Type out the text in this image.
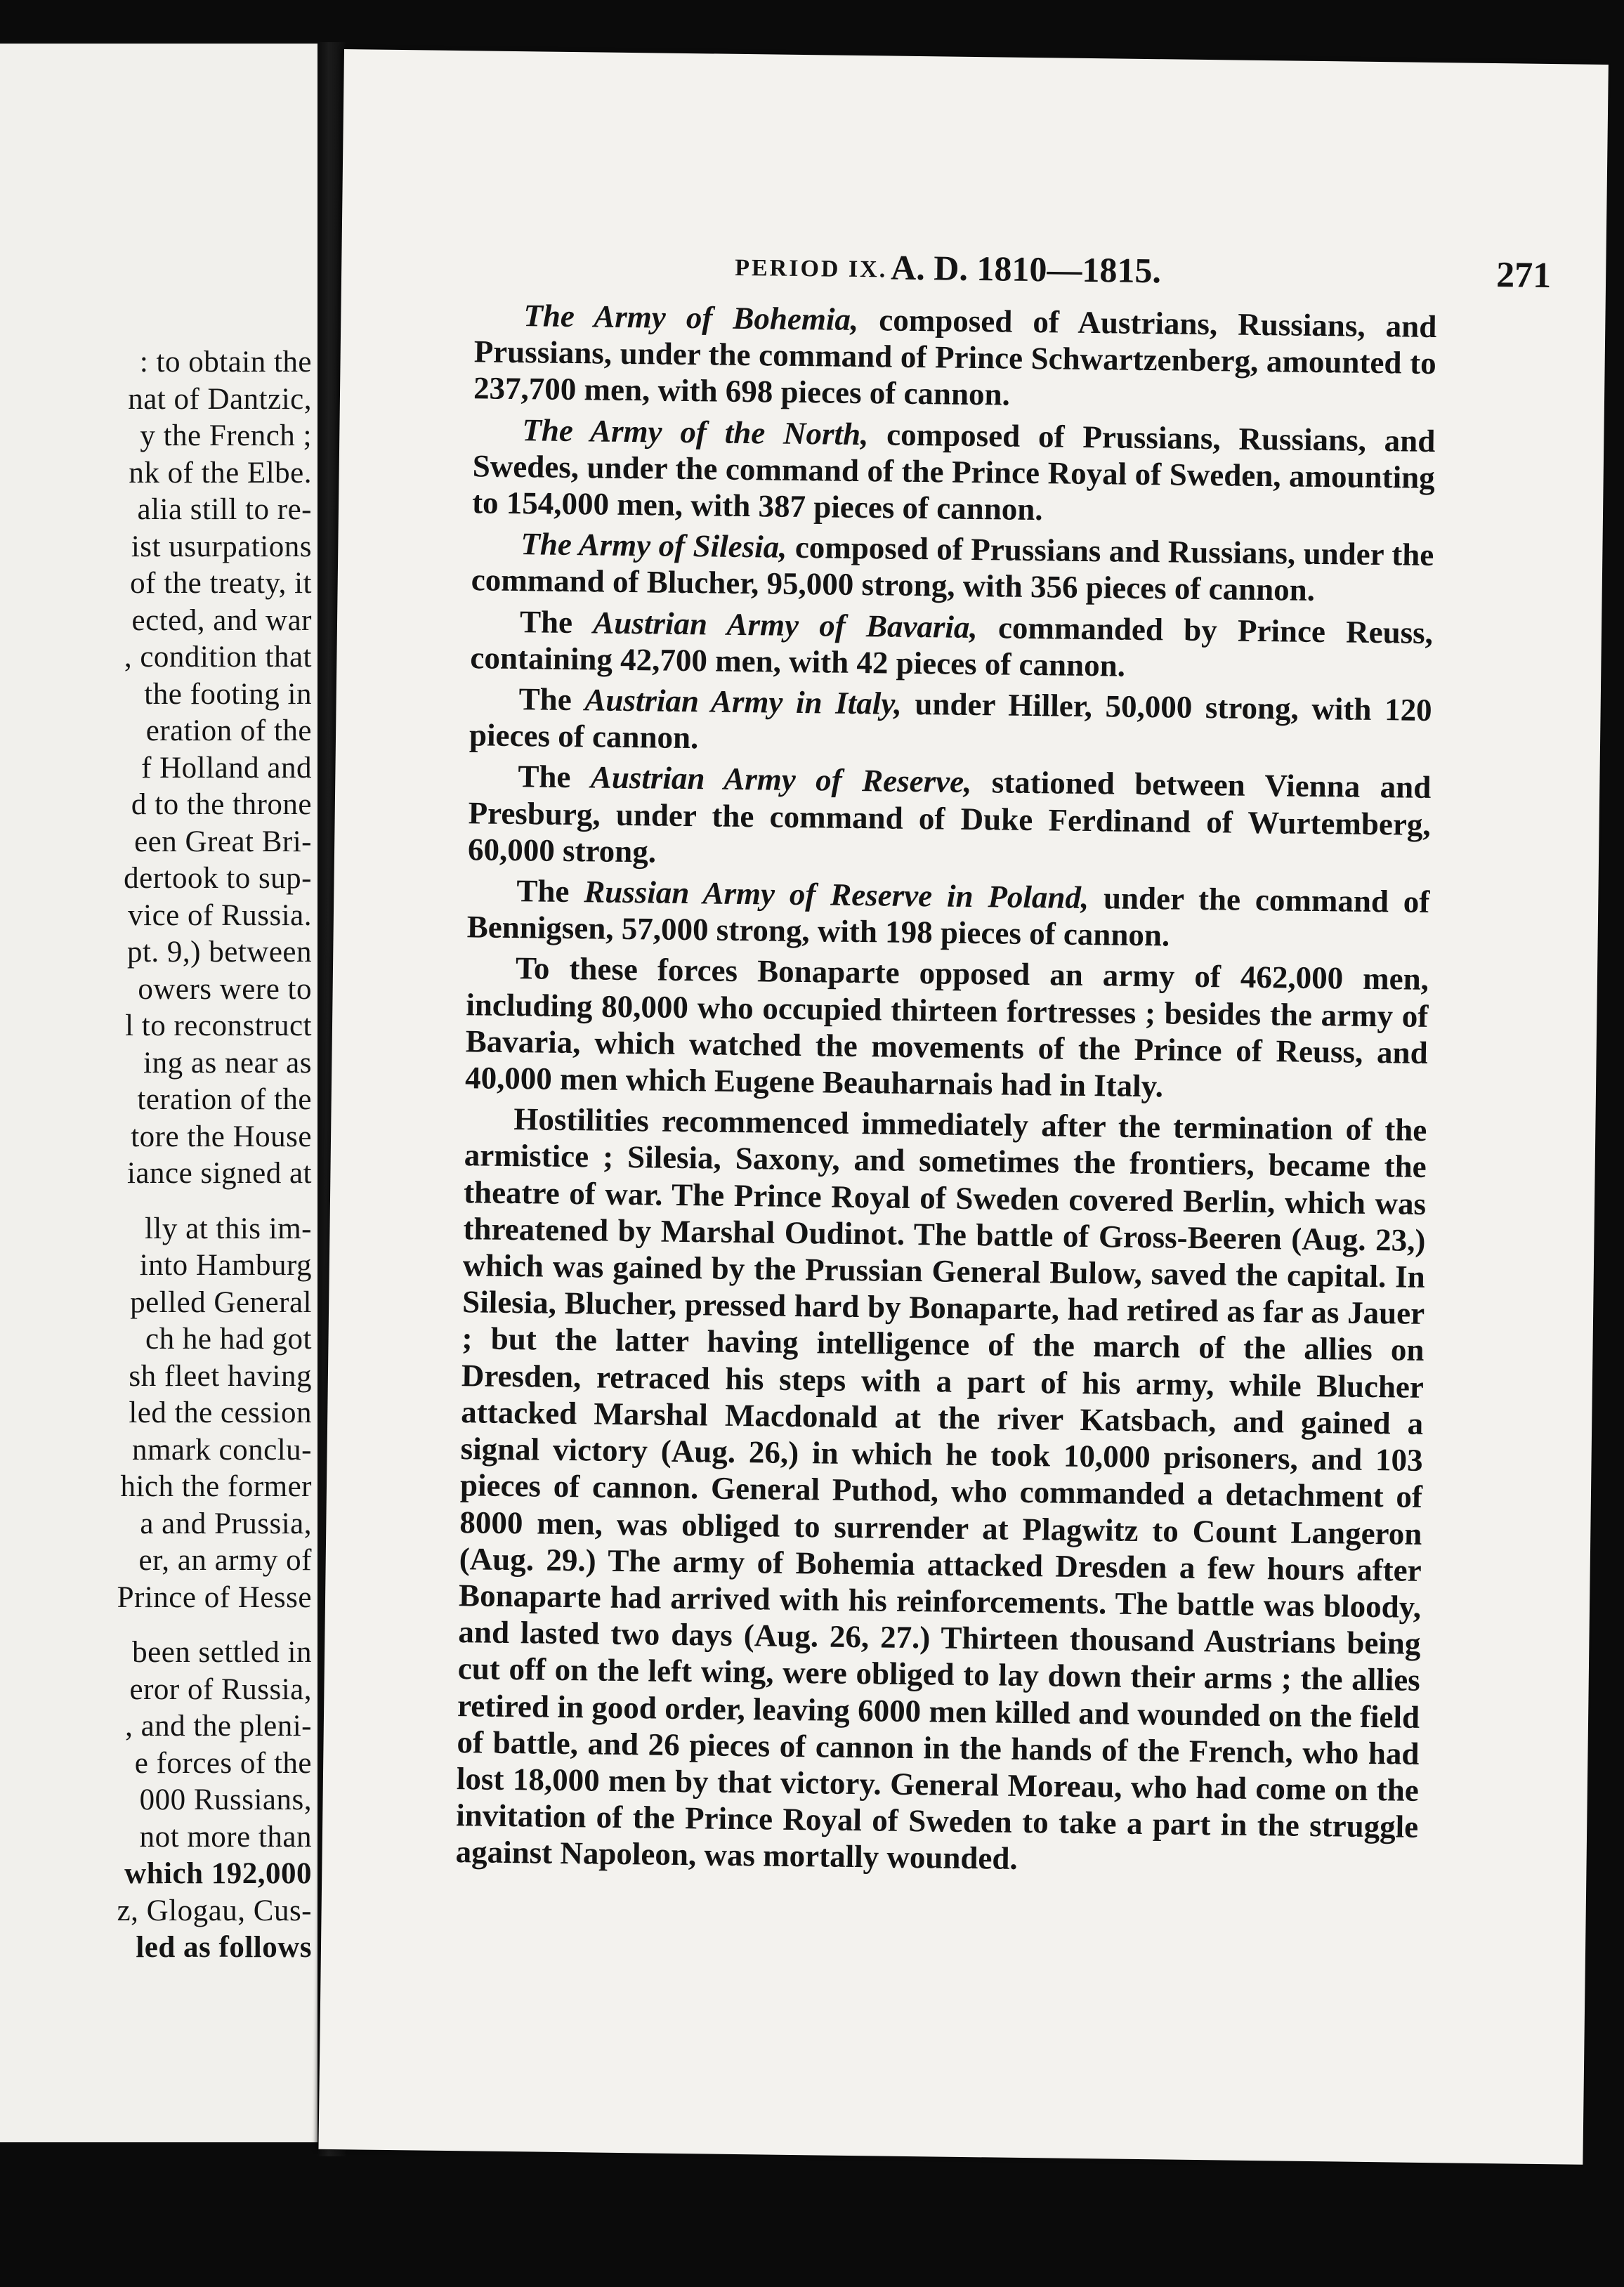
: to obtain the
nat of Dantzic,
y the French ;
nk of the Elbe.
alia still to re-
ist usurpations
of the treaty, it
ected, and war
, condition that
the footing in
eration of the
f Holland and
d to the throne
een Great Bri-
dertook to sup-
vice of Russia.
pt. 9,) between
owers were to
l to reconstruct
ing as near as
teration of the
tore the House
iance signed at
lly at this im-
into Hamburg
pelled General
ch he had got
sh fleet having
led the cession
nmark conclu-
hich the former
a and Prussia,
er, an army of
Prince of Hesse
been settled in
eror of Russia,
, and the pleni-
e forces of the
000 Russians,
not more than
which 192,000
z, Glogau, Cus-
led as follows
PERIOD IX. A. D. 1810—1815.	271

The Army of Bohemia, composed of Austrians, Russians, and Prussians, under the command of Prince Schwartzenberg, amounted to 237,700 men, with 698 pieces of cannon.

The Army of the North, composed of Prussians, Russians, and Swedes, under the command of the Prince Royal of Sweden, amounting to 154,000 men, with 387 pieces of cannon.

The Army of Silesia, composed of Prussians and Russians, under the command of Blucher, 95,000 strong, with 356 pieces of cannon.

The Austrian Army of Bavaria, commanded by Prince Reuss, containing 42,700 men, with 42 pieces of cannon.

The Austrian Army in Italy, under Hiller, 50,000 strong, with 120 pieces of cannon.

The Austrian Army of Reserve, stationed between Vienna and Presburg, under the command of Duke Ferdinand of Wurtemberg, 60,000 strong.

The Russian Army of Reserve in Poland, under the command of Bennigsen, 57,000 strong, with 198 pieces of cannon.

To these forces Bonaparte opposed an army of 462,000 men, including 80,000 who occupied thirteen fortresses ; besides the army of Bavaria, which watched the movements of the Prince of Reuss, and 40,000 men which Eugene Beauharnais had in Italy.

Hostilities recommenced immediately after the termination of the armistice ; Silesia, Saxony, and sometimes the frontiers, became the theatre of war. The Prince Royal of Sweden covered Berlin, which was threatened by Marshal Oudinot. The battle of Gross-Beeren (Aug. 23,) which was gained by the Prussian General Bulow, saved the capital. In Silesia, Blucher, pressed hard by Bonaparte, had retired as far as Jauer ; but the latter having intelligence of the march of the allies on Dresden, retraced his steps with a part of his army, while Blucher attacked Marshal Macdonald at the river Katsbach, and gained a signal victory (Aug. 26,) in which he took 10,000 prisoners, and 103 pieces of cannon. General Puthod, who commanded a detachment of 8000 men, was obliged to surrender at Plagwitz to Count Langeron (Aug. 29.) The army of Bohemia attacked Dresden a few hours after Bonaparte had arrived with his reinforcements. The battle was bloody, and lasted two days (Aug. 26, 27.) Thirteen thousand Austrians being cut off on the left wing, were obliged to lay down their arms ; the allies retired in good order, leaving 6000 men killed and wounded on the field of battle, and 26 pieces of cannon in the hands of the French, who had lost 18,000 men by that victory. General Moreau, who had come on the invitation of the Prince Royal of Sweden to take a part in the struggle against Napoleon, was mortally wounded.
